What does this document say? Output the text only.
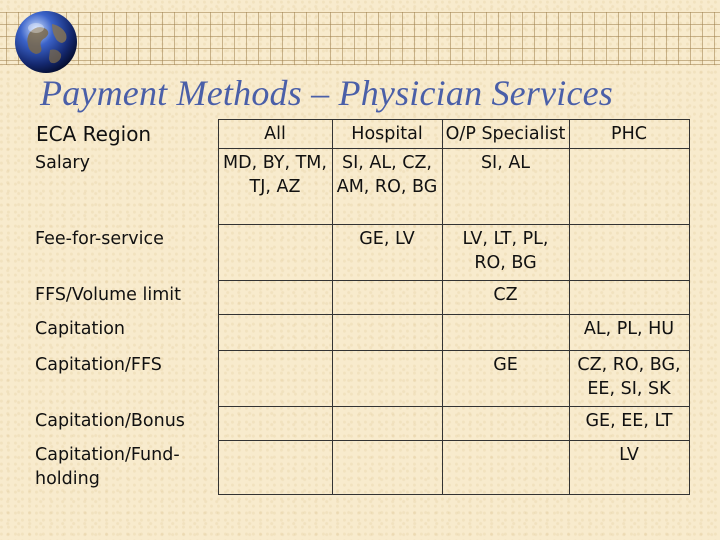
Payment Methods – Physician Services
ECA Region	All	Hospital	O/P Specialist	PHC
Salary	MD, BY, TM, TJ, AZ	SI, AL, CZ, AM, RO, BG	SI, AL	
Fee-for-service		GE, LV	LV, LT, PL, RO, BG	
FFS/Volume limit			CZ	
Capitation				AL, PL, HU
Capitation/FFS			GE	CZ, RO, BG, EE, SI, SK
Capitation/Bonus				GE, EE, LT
Capitation/Fund-holding				LV
